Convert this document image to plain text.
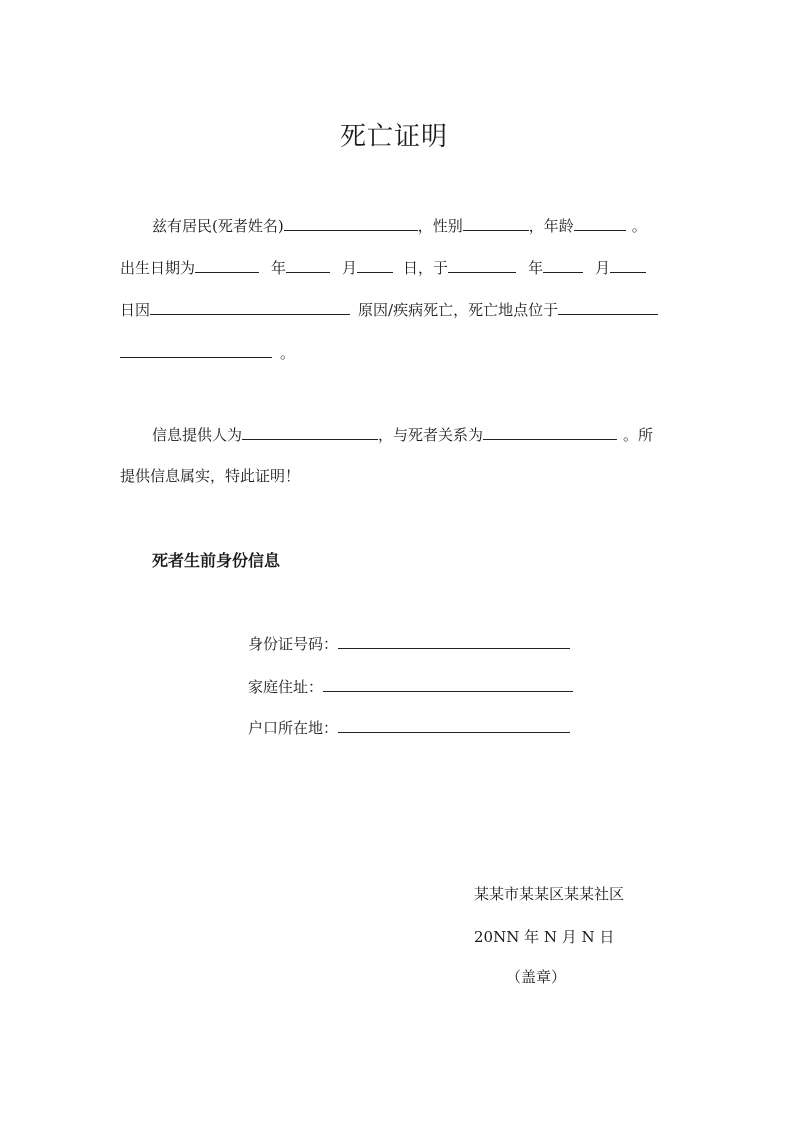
死亡证明
兹有居民(死者姓名)	，性别	，年龄	。
出生日期为	年	月	日，于	年	月
日因	原因/疾病死亡，死亡地点位于
。
信息提供人为	，与死者关系为	。所
提供信息属实，特此证明！
死者生前身份信息
身份证号码：
家庭住址：
户口所在地：
某某市某某区某某社区
20NN 年 N 月 N 日
（盖章）
